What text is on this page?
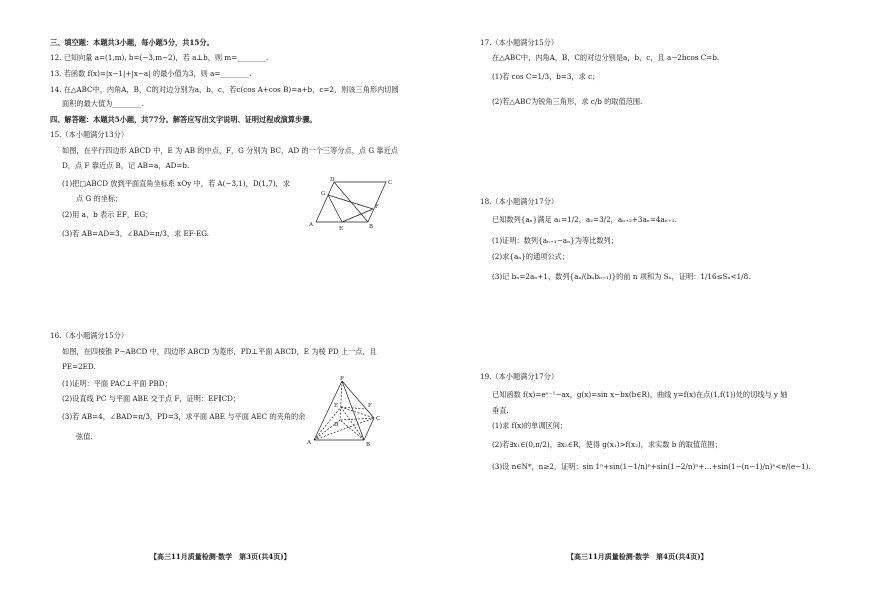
三、填空题：本题共3小题，每小题5分，共15分。
12. 已知向量 a=(1,m), b=(−3,m−2)，若 a⊥b，则 m=________.
13. 若函数 f(x)=|x−1|+|x−a| 的最小值为3，则 a=________.
14. 在△ABC中，内角A，B，C的对边分别为a，b，c，若c(cos A+cos B)=a+b，c=2，则该三角形内切圆
面积的最大值为________.
四、解答题：本题共5小题，共77分。解答应写出文字说明、证明过程或演算步骤。
15.（本小题满分13分）
如图，在平行四边形 ABCD 中，E 为 AB 的中点，F，G 分别为 BC，AD 的一个三等分点，点 G 靠近点
D，点 F 靠近点 B，记 AB=a，AD=b.
(1)把□ABCD 放到平面直角坐标系 xOy 中，若 A(−3,1)，D(1,7)，求
点 G 的坐标；
(2)用 a，b 表示 EF，EG；
(3)若 AB=AD=3，∠BAD=π/3，求 EF·EG.
A	B
C
D
E
F
G
16.（本小题满分15分）
如图，在四棱锥 P−ABCD 中，四边形 ABCD 为菱形，PD⊥平面 ABCD，E 为棱 PD 上一点，且
PE=2ED.
(1)证明：平面 PAC⊥平面 PBD；
(2)设直线 PC 与平面 ABE 交于点 F，证明：EF∥CD；
(3)若 AB=4，∠BAD=π/3，PD=3，求平面 ABE 与平面 AEC 的夹角的余
弦值.
P
A	B
C
D
E	F
【高三11月质量检测·数学　第3页(共4页)】
17.（本小题满分15分）
在△ABC中，内角A，B，C的对边分别是a，b，c，且 a−2bcos C=b.
(1)若 cos C=1/3，b=3，求 c；
(2)若△ABC为锐角三角形，求 c/b 的取值范围.
18.（本小题满分17分）
已知数列{aₙ}满足 a₁=1/2，a₂=3/2，aₙ₊₂+3aₙ=4aₙ₊₁.
(1)证明：数列{aₙ₊₁−aₙ}为等比数列；
(2)求{aₙ}的通项公式；
(3)记 bₙ=2aₙ+1，数列{aₙ/(bₙbₙ₊₁)}的前 n 项和为 Sₙ，证明：1/16≤Sₙ<1/8.
19.（本小题满分17分）
已知函数 f(x)=eˣ⁻¹−ax，g(x)=sin x−bx(b∈R)，曲线 y=f(x)在点(1,f(1))处的切线与 y 轴
垂直.
(1)求 f(x)的单调区间；
(2)若∃x₁∈(0,π/2)，∃x₂∈R，使得 g(x₁)>f(x₂)，求实数 b 的取值范围；
(3)设 n∈N*，n≥2，证明：sin 1ⁿ+sin(1−1/n)ⁿ+sin(1−2/n)ⁿ+…+sin(1−(n−1)/n)ⁿ<e/(e−1).
【高三11月质量检测·数学　第4页(共4页)】
